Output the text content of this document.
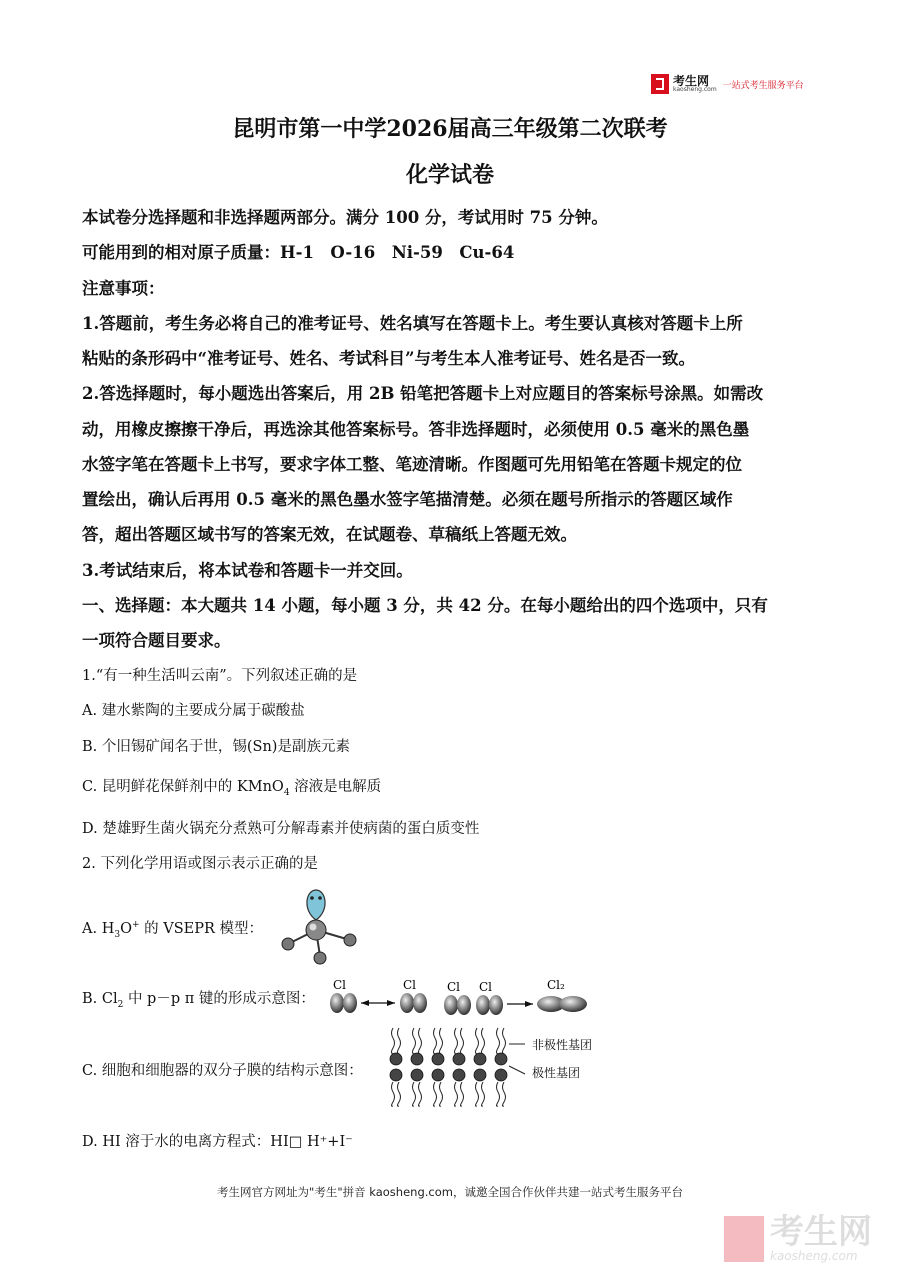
考生网
kaosheng.com 一站式考生服务平台
昆明市第一中学2026届高三年级第二次联考
化学试卷
本试卷分选择题和非选择题两部分。满分 100 分，考试用时 75 分钟。
可能用到的相对原子质量：H-1　O-16　Ni-59　Cu-64
注意事项：
1.答题前，考生务必将自己的准考证号、姓名填写在答题卡上。考生要认真核对答题卡上所
粘贴的条形码中“准考证号、姓名、考试科目”与考生本人准考证号、姓名是否一致。
2.答选择题时，每小题选出答案后，用 2B 铅笔把答题卡上对应题目的答案标号涂黑。如需改
动，用橡皮擦擦干净后，再选涂其他答案标号。答非选择题时，必须使用 0.5 毫米的黑色墨
水签字笔在答题卡上书写，要求字体工整、笔迹清晰。作图题可先用铅笔在答题卡规定的位
置绘出，确认后再用 0.5 毫米的黑色墨水签字笔描清楚。必须在题号所指示的答题区域作
答，超出答题区域书写的答案无效，在试题卷、草稿纸上答题无效。
3.考试结束后，将本试卷和答题卡一并交回。
一、选择题：本大题共 14 小题，每小题 3 分，共 42 分。在每小题给出的四个选项中，只有
一项符合题目要求。
1.“有一种生活叫云南”。下列叙述正确的是
A. 建水紫陶的主要成分属于碳酸盐
B. 个旧锡矿闻名于世，锡(Sn)是副族元素
C. 昆明鲜花保鲜剂中的 KMnO$_4$ 溶液是电解质
D. 楚雄野生菌火锅充分煮熟可分解毒素并使病菌的蛋白质变性
2. 下列化学用语或图示表示正确的是
A. $H_3O^+$ 的 VSEPR 模型：
B. $Cl_2$ 中 p－p π 键的形成示意图：
Cl	Cl	Cl Cl	Cl₂
C. 细胞和细胞器的双分子膜的结构示意图：
非极性基团
极性基团
D. HI 溶于水的电离方程式：HI□ H⁺+I⁻
考生网官方网址为"考生"拼音 kaosheng.com，诚邀全国合作伙伴共建一站式考生服务平台
考生网
kaosheng.com
